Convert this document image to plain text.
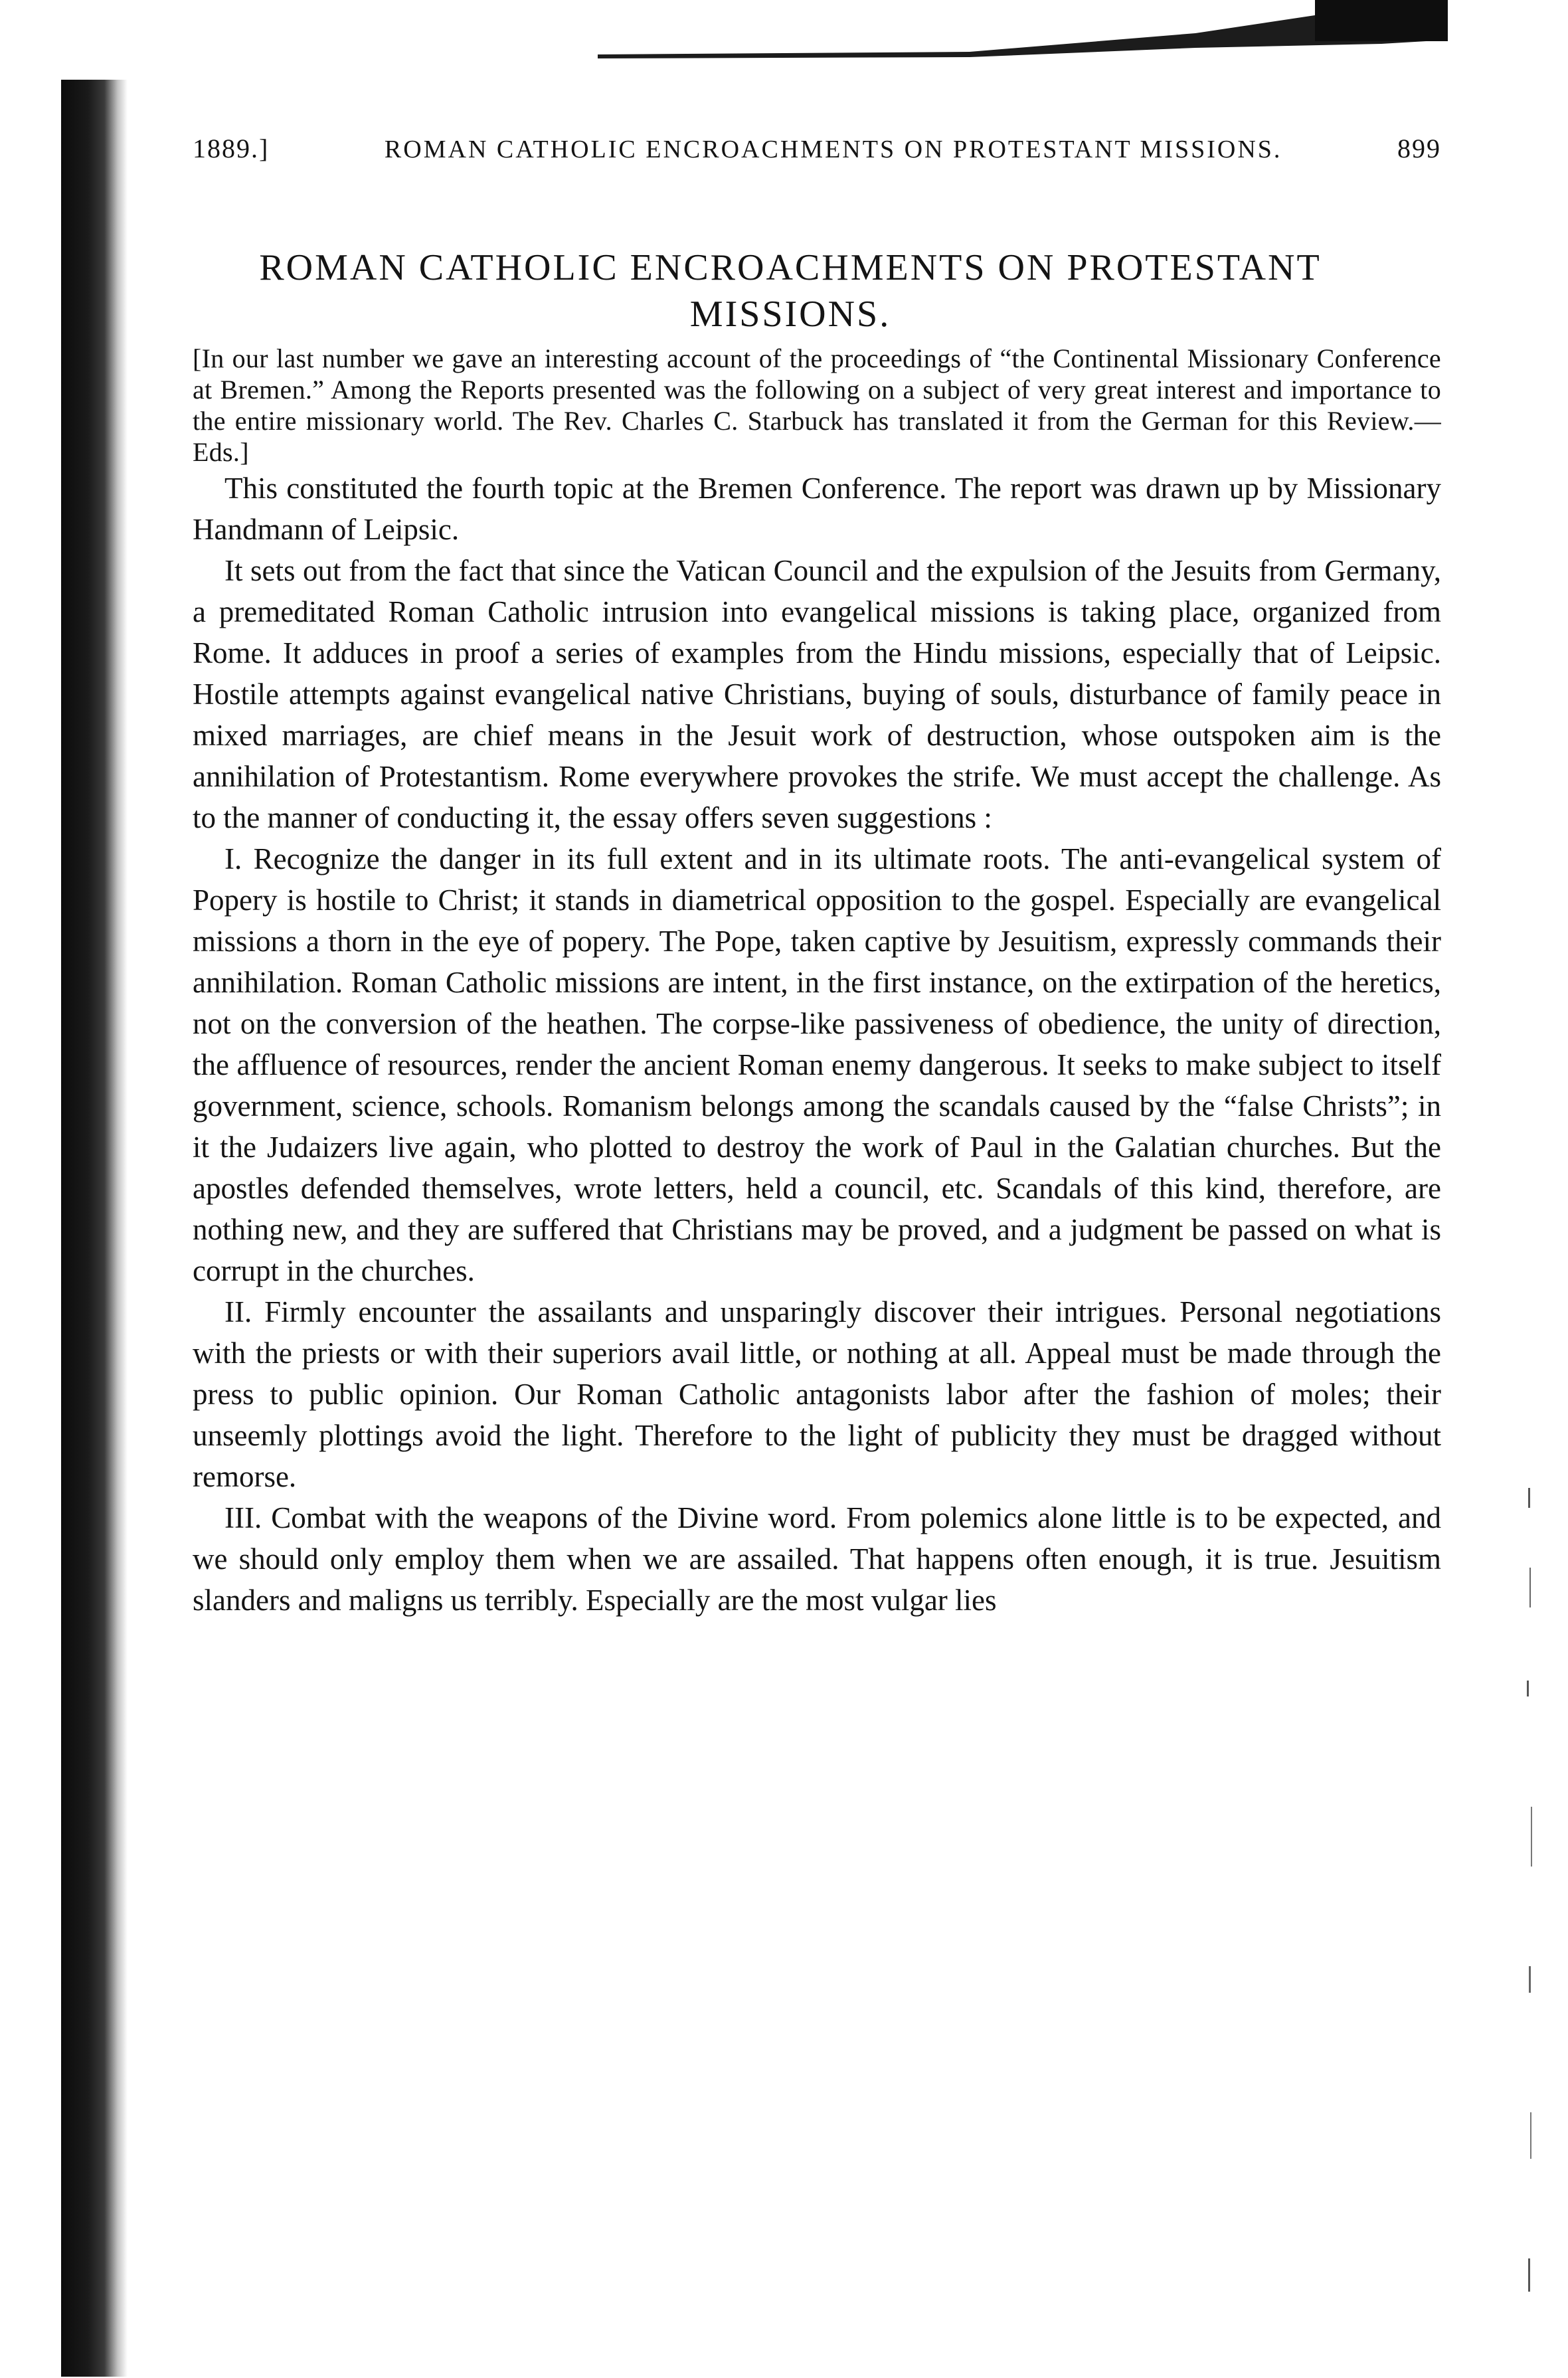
1889.]	ROMAN CATHOLIC ENCROACHMENTS ON PROTESTANT MISSIONS.	899
ROMAN CATHOLIC ENCROACHMENTS ON PROTESTANT MISSIONS.

[In our last number we gave an interesting account of the proceedings of “the Continental Missionary Conference at Bremen.” Among the Reports presented was the following on a subject of very great interest and importance to the entire missionary world. The Rev. Charles C. Starbuck has translated it from the German for this Review.—Eds.]

This constituted the fourth topic at the Bremen Conference. The report was drawn up by Missionary Handmann of Leipsic.

It sets out from the fact that since the Vatican Council and the expulsion of the Jesuits from Germany, a premeditated Roman Catholic intrusion into evangelical missions is taking place, organized from Rome. It adduces in proof a series of examples from the Hindu missions, especially that of Leipsic. Hostile attempts against evangelical native Christians, buying of souls, disturbance of family peace in mixed marriages, are chief means in the Jesuit work of destruction, whose outspoken aim is the annihilation of Protestantism. Rome everywhere provokes the strife. We must accept the challenge. As to the manner of conducting it, the essay offers seven suggestions :

I. Recognize the danger in its full extent and in its ultimate roots. The anti-evangelical system of Popery is hostile to Christ; it stands in diametrical opposition to the gospel. Especially are evangelical missions a thorn in the eye of popery. The Pope, taken captive by Jesuitism, expressly commands their annihilation. Roman Catholic missions are intent, in the first instance, on the extirpation of the heretics, not on the conversion of the heathen. The corpse-like passiveness of obedience, the unity of direction, the affluence of resources, render the ancient Roman enemy dangerous. It seeks to make subject to itself government, science, schools. Romanism belongs among the scandals caused by the “false Christs”; in it the Judaizers live again, who plotted to destroy the work of Paul in the Galatian churches. But the apostles defended themselves, wrote letters, held a council, etc. Scandals of this kind, therefore, are nothing new, and they are suffered that Christians may be proved, and a judgment be passed on what is corrupt in the churches.

II. Firmly encounter the assailants and unsparingly discover their intrigues. Personal negotiations with the priests or with their superiors avail little, or nothing at all. Appeal must be made through the press to public opinion. Our Roman Catholic antagonists labor after the fashion of moles; their unseemly plottings avoid the light. Therefore to the light of publicity they must be dragged without remorse.

III. Combat with the weapons of the Divine word. From polemics alone little is to be expected, and we should only employ them when we are assailed. That happens often enough, it is true. Jesuitism slanders and maligns us terribly. Especially are the most vulgar lies
